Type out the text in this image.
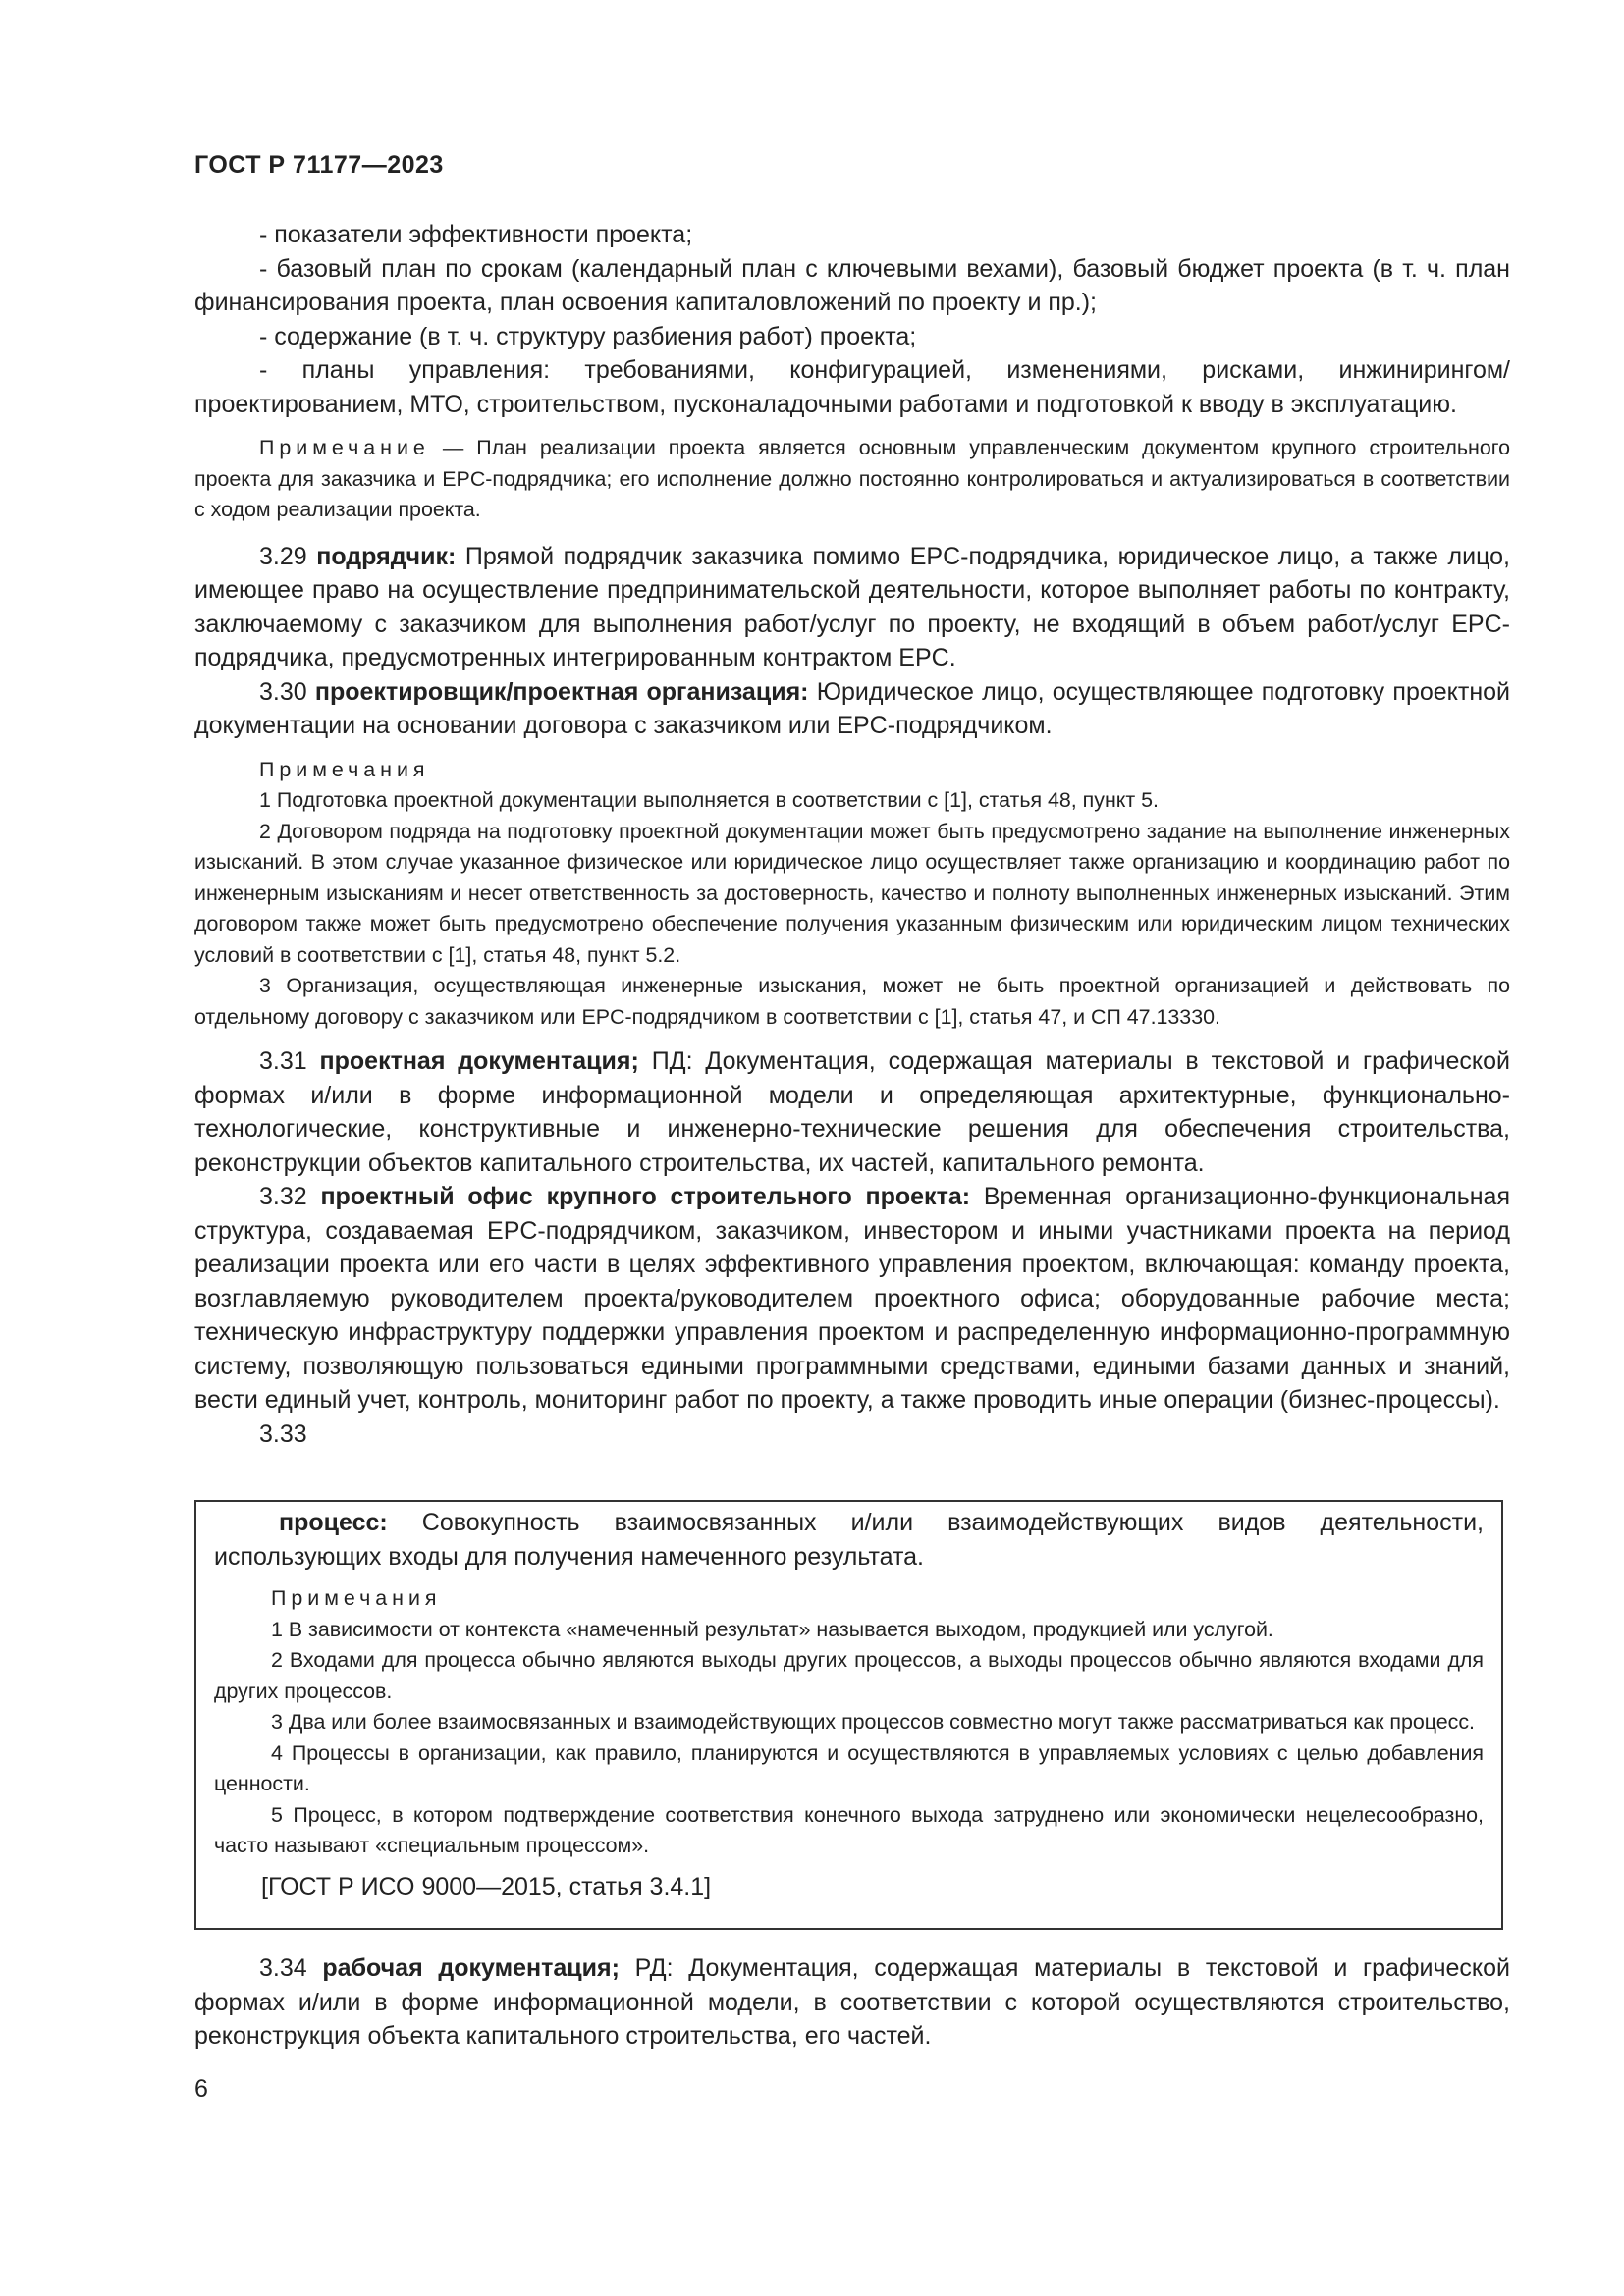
ГОСТ Р 71177—2023

- показатели эффективности проекта;

- базовый план по срокам (календарный план с ключевыми вехами), базовый бюджет проекта (в т. ч. план финансирования проекта, план освоения капиталовложений по проекту и пр.);

- содержание (в т. ч. структуру разбиения работ) проекта;

- планы управления: требованиями, конфигурацией, изменениями, рисками, инжинирингом/проектированием, МТО, строительством, пусконаладочными работами и подготовкой к вводу в эксплуатацию.

Примечание — План реализации проекта является основным управленческим документом крупного строительного проекта для заказчика и EPC-подрядчика; его исполнение должно постоянно контролироваться и актуализироваться в соответствии с ходом реализации проекта.

3.29 подрядчик: Прямой подрядчик заказчика помимо EPC-подрядчика, юридическое лицо, а также лицо, имеющее право на осуществление предпринимательской деятельности, которое выполняет работы по контракту, заключаемому с заказчиком для выполнения работ/услуг по проекту, не входящий в объем работ/услуг EPC-подрядчика, предусмотренных интегрированным контрактом EPC.

3.30 проектировщик/проектная организация: Юридическое лицо, осуществляющее подготовку проектной документации на основании договора с заказчиком или EPC-подрядчиком.

Примечания

1 Подготовка проектной документации выполняется в соответствии с [1], статья 48, пункт 5.

2 Договором подряда на подготовку проектной документации может быть предусмотрено задание на выполнение инженерных изысканий. В этом случае указанное физическое или юридическое лицо осуществляет также организацию и координацию работ по инженерным изысканиям и несет ответственность за достоверность, качество и полноту выполненных инженерных изысканий. Этим договором также может быть предусмотрено обеспечение получения указанным физическим или юридическим лицом технических условий в соответствии с [1], статья 48, пункт 5.2.

3 Организация, осуществляющая инженерные изыскания, может не быть проектной организацией и действовать по отдельному договору с заказчиком или EPC-подрядчиком в соответствии с [1], статья 47, и СП 47.13330.

3.31 проектная документация; ПД: Документация, содержащая материалы в текстовой и графической формах и/или в форме информационной модели и определяющая архитектурные, функционально-технологические, конструктивные и инженерно-технические решения для обеспечения строительства, реконструкции объектов капитального строительства, их частей, капитального ремонта.

3.32 проектный офис крупного строительного проекта: Временная организационно-функциональная структура, создаваемая EPC-подрядчиком, заказчиком, инвестором и иными участниками проекта на период реализации проекта или его части в целях эффективного управления проектом, включающая: команду проекта, возглавляемую руководителем проекта/руководителем проектного офиса; оборудованные рабочие места; техническую инфраструктуру поддержки управления проектом и распределенную информационно-программную систему, позволяющую пользоваться едиными программными средствами, едиными базами данных и знаний, вести единый учет, контроль, мониторинг работ по проекту, а также проводить иные операции (бизнес-процессы).

3.33

процесс: Совокупность взаимосвязанных и/или взаимодействующих видов деятельности, использующих входы для получения намеченного результата.

Примечания

1 В зависимости от контекста «намеченный результат» называется выходом, продукцией или услугой.

2 Входами для процесса обычно являются выходы других процессов, а выходы процессов обычно являются входами для других процессов.

3 Два или более взаимосвязанных и взаимодействующих процессов совместно могут также рассматриваться как процесс.

4 Процессы в организации, как правило, планируются и осуществляются в управляемых условиях с целью добавления ценности.

5 Процесс, в котором подтверждение соответствия конечного выхода затруднено или экономически нецелесообразно, часто называют «специальным процессом».

[ГОСТ Р ИСО 9000—2015, статья 3.4.1]

3.34 рабочая документация; РД: Документация, содержащая материалы в текстовой и графической формах и/или в форме информационной модели, в соответствии с которой осуществляются строительство, реконструкция объекта капитального строительства, его частей.

6
